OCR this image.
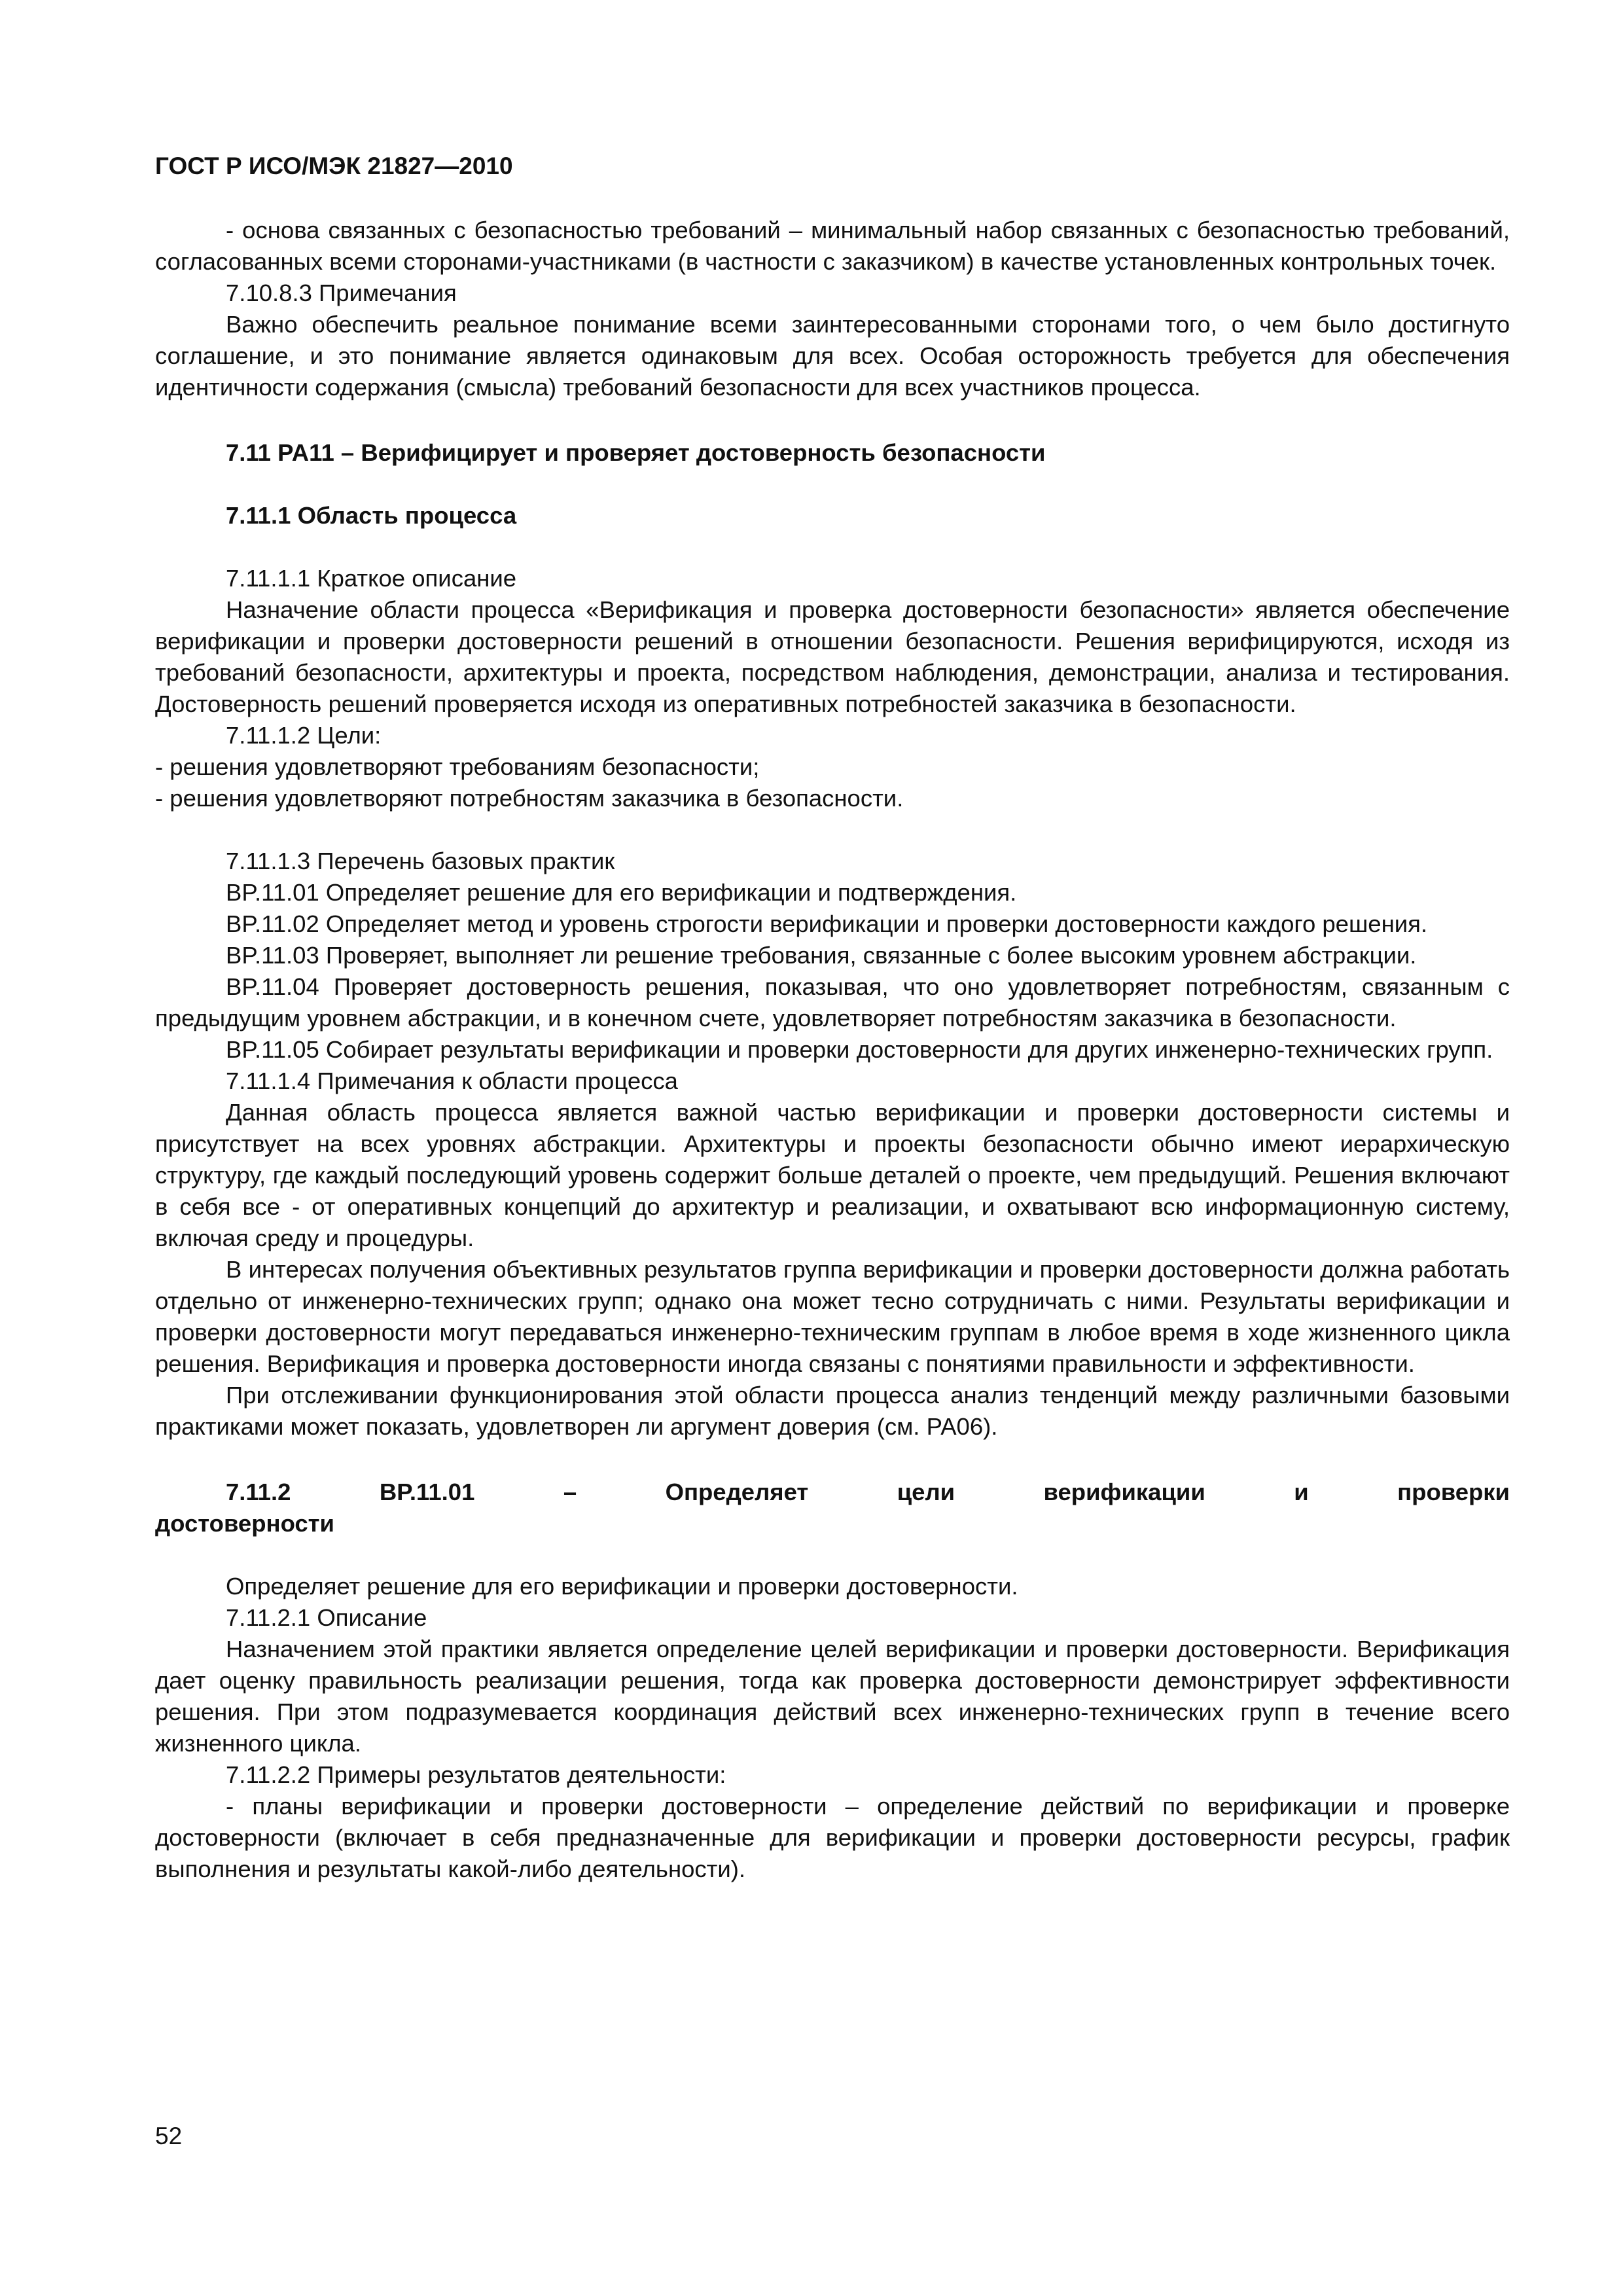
ГОСТ Р ИСО/МЭК 21827—2010

- основа связанных с безопасностью требований – минимальный набор связанных с безопасностью требований, согласованных всеми сторонами-участниками (в частности с заказчиком) в качестве установленных контрольных точек.

7.10.8.3 Примечания

Важно обеспечить реальное понимание всеми заинтересованными сторонами того, о чем было достигнуто соглашение, и это понимание является одинаковым для всех. Особая осторожность требуется для обеспечения идентичности содержания (смысла) требований безопасности для всех участников процесса.

7.11 PA11 – Верифицирует и проверяет достоверность безопасности

7.11.1 Область процесса

7.11.1.1 Краткое описание

Назначение области процесса «Верификация и проверка достоверности безопасности» является обеспечение верификации и проверки достоверности решений в отношении безопасности. Решения верифицируются, исходя из требований безопасности, архитектуры и проекта, посредством наблюдения, демонстрации, анализа и тестирования. Достоверность решений проверяется исходя из оперативных потребностей заказчика в безопасности.

7.11.1.2 Цели:

- решения удовлетворяют требованиям безопасности;

- решения удовлетворяют потребностям заказчика в безопасности.

7.11.1.3 Перечень базовых практик

BP.11.01 Определяет решение для его верификации и подтверждения.

BP.11.02 Определяет метод и уровень строгости верификации и проверки достоверности каждого решения.

BP.11.03 Проверяет, выполняет ли решение требования, связанные с более высоким уровнем абстракции.

BP.11.04 Проверяет достоверность решения, показывая, что оно удовлетворяет потребностям, связанным с предыдущим уровнем абстракции, и в конечном счете, удовлетворяет потребностям заказчика в безопасности.

BP.11.05 Собирает результаты верификации и проверки достоверности для других инженерно-технических групп.

7.11.1.4 Примечания к области процесса

Данная область процесса является важной частью верификации и проверки достоверности системы и присутствует на всех уровнях абстракции. Архитектуры и проекты безопасности обычно имеют иерархическую структуру, где каждый последующий уровень содержит больше деталей о проекте, чем предыдущий. Решения включают в себя все - от оперативных концепций до архитектур и реализации, и охватывают всю информационную систему, включая среду и процедуры.

В интересах получения объективных результатов группа верификации и проверки достоверности должна работать отдельно от инженерно-технических групп; однако она может тесно сотрудничать с ними. Результаты верификации и проверки достоверности могут передаваться инженерно-техническим группам в любое время в ходе жизненного цикла решения. Верификация и проверка достоверности иногда связаны с понятиями правильности и эффективности.

При отслеживании функционирования этой области процесса анализ тенденций между различными базовыми практиками может показать, удовлетворен ли аргумент доверия (см. PA06).

7.11.2 BP.11.01 – Определяет цели верификации и проверки

достоверности

Определяет решение для его верификации и проверки достоверности.

7.11.2.1 Описание

Назначением этой практики является определение целей верификации и проверки достоверности. Верификация дает оценку правильность реализации решения, тогда как проверка достоверности демонстрирует эффективности решения. При этом подразумевается координация действий всех инженерно-технических групп в течение всего жизненного цикла.

7.11.2.2 Примеры результатов деятельности:

- планы верификации и проверки достоверности – определение действий по верификации и проверке достоверности (включает в себя предназначенные для верификации и проверки достоверности ресурсы, график выполнения и результаты какой-либо деятельности).

52
